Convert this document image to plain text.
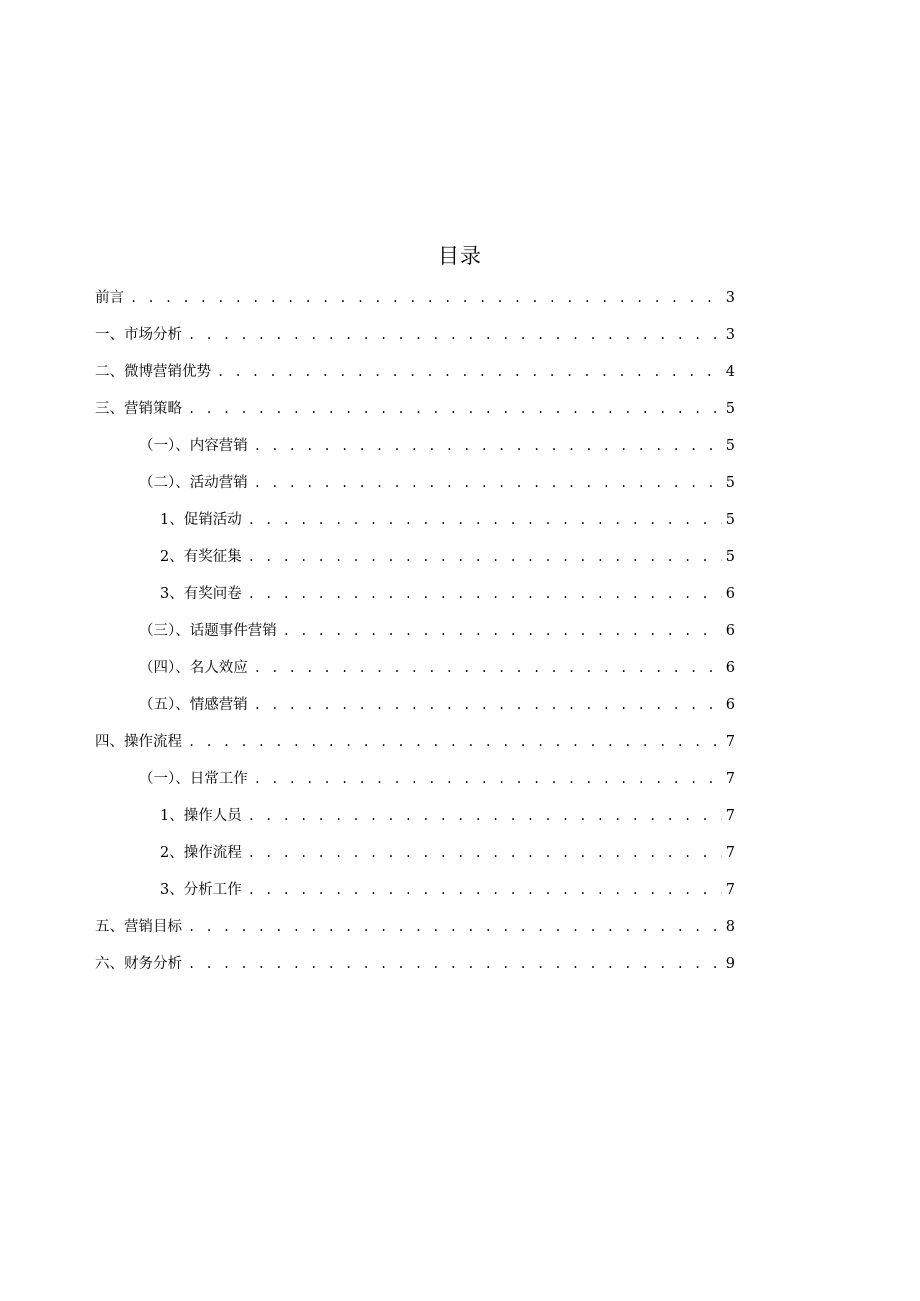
目录
前言 . . .	3
一、市场分析 . . .	3
二、微博营销优势 . . .	4
三、营销策略 . . .	5
（一）、内容营销 . . .	5
（二）、活动营销 . . .	5
1、促销活动 . . .	5
2、有奖征集 . . .	5
3、有奖问卷 . . .	6
（三）、话题事件营销 . . .	6
（四）、名人效应 . . .	6
（五）、情感营销 . . .	6
四、操作流程 . . .	7
（一）、日常工作 . . .	7
1、操作人员 . . .	7
2、操作流程 . . .	7
3、分析工作 . . .	7
五、营销目标 . . .	8
六、财务分析 . . .	9
